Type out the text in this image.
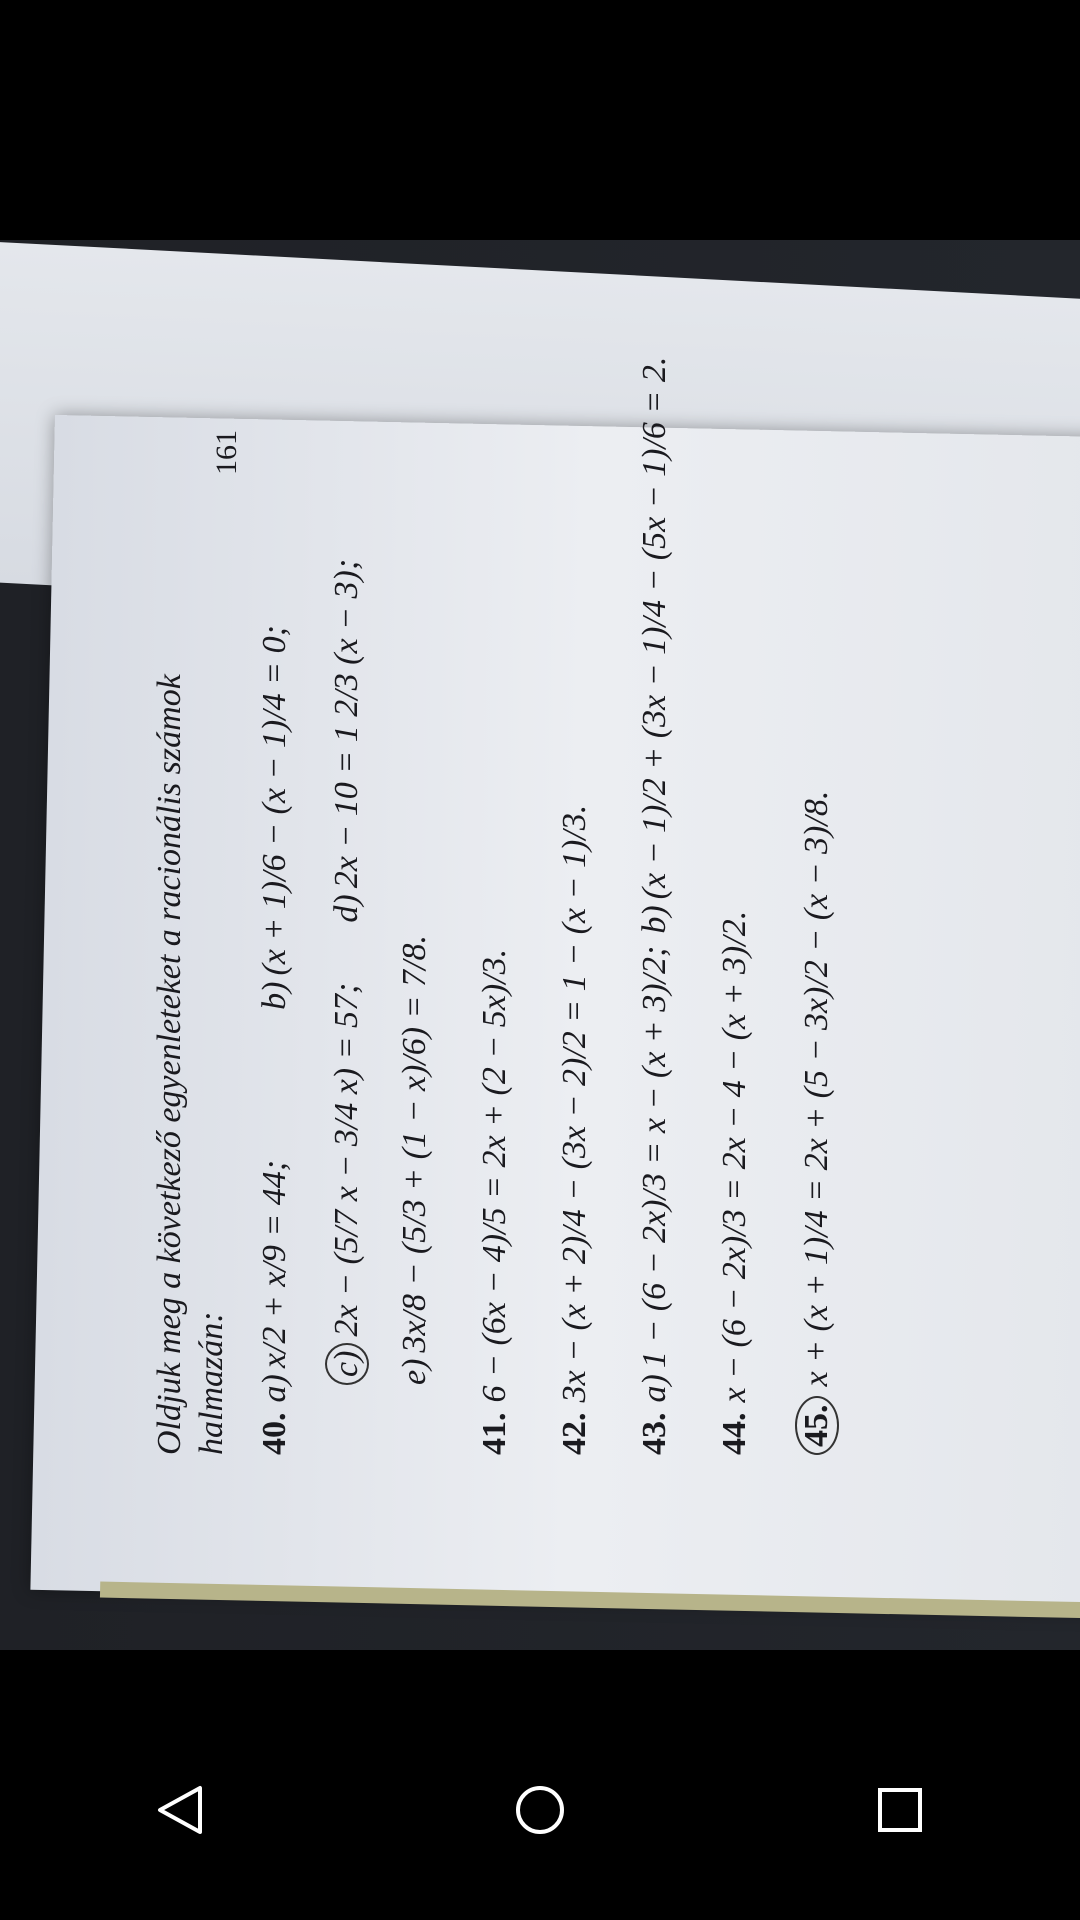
Oldjuk meg a következő egyenleteket a racionális számok halmazán: 40.
a)
x/2 + x/9 = 44;
b)
(x + 1)/6 − (x − 1)/4 = 0;
c)
2x − (5/7 x − 3/4 x) = 57;
d)
2x − 10 = 1 2/3 (x − 3);
e)
3x/8 − (5/3 + (1 − x)/6) = 7/8.
41.
6 − (6x − 4)/5 = 2x + (2 − 5x)/3.
42.
3x − (x + 2)/4 − (3x − 2)/2 = 1 − (x − 1)/3.
43.
a)
1 − (6 − 2x)/3 = x − (x + 3)/2;
b)
(x − 1)/2 + (3x − 1)/4 − (5x − 1)/6 = 2.
44.
x − (6 − 2x)/3 = 2x − 4 − (x + 3)/2.
45.
x + (x + 1)/4 = 2x + (5 − 3x)/2 − (x − 3)/8.
161
